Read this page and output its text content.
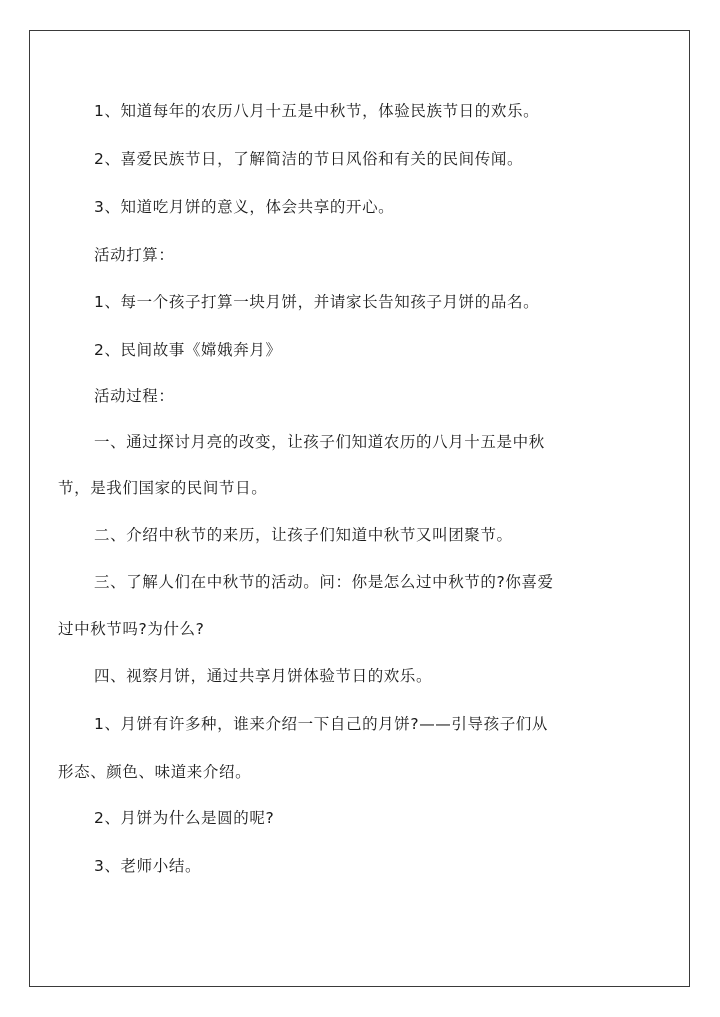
1、知道每年的农历八月十五是中秋节，体验民族节日的欢乐。
2、喜爱民族节日，了解简洁的节日风俗和有关的民间传闻。
3、知道吃月饼的意义，体会共享的开心。
活动打算：
1、每一个孩子打算一块月饼，并请家长告知孩子月饼的品名。
2、民间故事《嫦娥奔月》
活动过程：
一、通过探讨月亮的改变，让孩子们知道农历的八月十五是中秋
节，是我们国家的民间节日。
二、介绍中秋节的来历，让孩子们知道中秋节又叫团聚节。
三、了解人们在中秋节的活动。问：你是怎么过中秋节的?你喜爱
过中秋节吗?为什么?
四、视察月饼，通过共享月饼体验节日的欢乐。
1、月饼有许多种，谁来介绍一下自己的月饼?——引导孩子们从
形态、颜色、味道来介绍。
2、月饼为什么是圆的呢?
3、老师小结。
